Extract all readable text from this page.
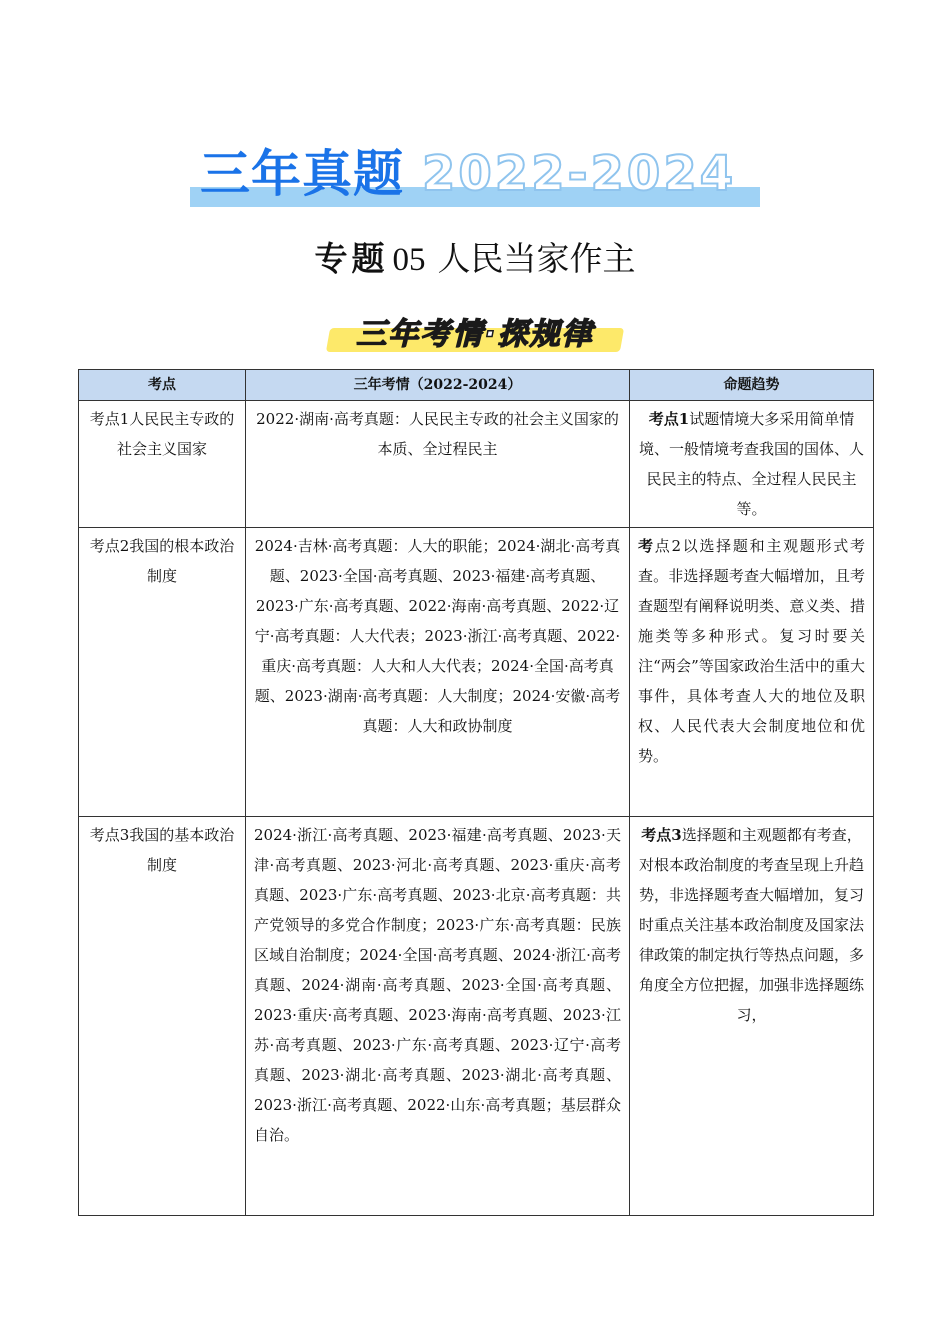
三年真题 2022-2024
专题 05 人民当家作主
三年考情·探规律
考点	三年考情（2022-2024）	命题趋势
考点1人民民主专政的社会主义国家	2022·湖南·高考真题：人民民主专政的社会主义国家的本质、全过程民主	考点1试题情境大多采用简单情境、一般情境考查我国的国体、人民民主的特点、全过程人民民主等。
考点2我国的根本政治制度	2024·吉林·高考真题：人大的职能；2024·湖北·高考真题、2023·全国·高考真题、2023·福建·高考真题、2023·广东·高考真题、2022·海南·高考真题、2022·辽宁·高考真题：人大代表；2023·浙江·高考真题、2022·重庆·高考真题：人大和人大代表；2024·全国·高考真题、2023·湖南·高考真题：人大制度；2024·安徽·高考真题：人大和政协制度	考点2以选择题和主观题形式考查。非选择题考查大幅增加，且考查题型有阐释说明类、意义类、措施类等多种形式。复习时要关注“两会”等国家政治生活中的重大事件，具体考查人大的地位及职权、人民代表大会制度地位和优势。
考点3我国的基本政治制度	2024·浙江·高考真题、2023·福建·高考真题、2023·天津·高考真题、2023·河北·高考真题、2023·重庆·高考真题、2023·广东·高考真题、2023·北京·高考真题：共产党领导的多党合作制度；2023·广东·高考真题：民族区域自治制度；2024·全国·高考真题、2024·浙江·高考真题、2024·湖南·高考真题、2023·全国·高考真题、2023·重庆·高考真题、2023·海南·高考真题、2023·江苏·高考真题、2023·广东·高考真题、2023·辽宁·高考真题、2023·湖北·高考真题、2023·湖北·高考真题、2023·浙江·高考真题、2022·山东·高考真题；基层群众自治。	考点3选择题和主观题都有考查，对根本政治制度的考查呈现上升趋势，非选择题考查大幅增加，复习时重点关注基本政治制度及国家法律政策的制定执行等热点问题，多角度全方位把握，加强非选择题练习，
